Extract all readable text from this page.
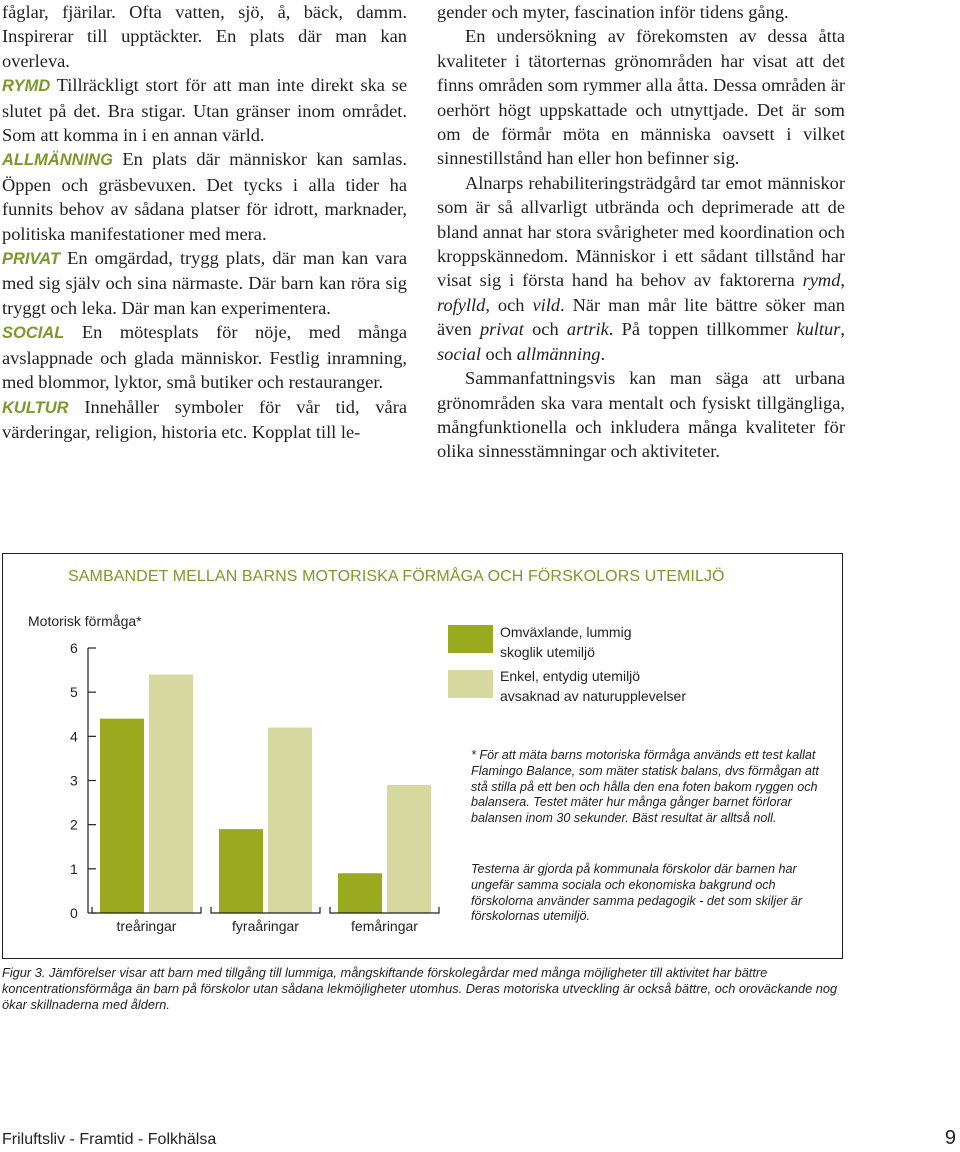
fåglar, fjärilar. Ofta vatten, sjö, å, bäck, damm. Inspirerar till upptäckter. En plats där man kan overleva.

RYMD Tillräckligt stort för att man inte direkt ska se slutet på det. Bra stigar. Utan gränser inom området. Som att komma in i en annan värld.

ALLMÄNNING En plats där människor kan samlas. Öppen och gräsbevuxen. Det tycks i alla tider ha funnits behov av sådana platser för idrott, marknader, politiska manifestationer med mera.

PRIVAT En omgärdad, trygg plats, där man kan vara med sig själv och sina närmaste. Där barn kan röra sig tryggt och leka. Där man kan experimentera.

SOCIAL En mötesplats för nöje, med många avslappnade och glada människor. Festlig inramning, med blommor, lyktor, små butiker och restauranger.

KULTUR Innehåller symboler för vår tid, våra värderingar, religion, historia etc. Kopplat till le-

gender och myter, fascination inför tidens gång.

En undersökning av förekomsten av dessa åtta kvaliteter i tätorternas grönområden har visat att det finns områden som rymmer alla åtta. Dessa områden är oerhört högt uppskattade och utnyttjade. Det är som om de förmår möta en människa oavsett i vilket sinnestillstånd han eller hon befinner sig.

Alnarps rehabiliteringsträdgård tar emot människor som är så allvarligt utbrända och deprimerade att de bland annat har stora svårigheter med koordination och kroppskännedom. Människor i ett sådant tillstånd har visat sig i första hand ha behov av faktorerna rymd, rofylld, och vild. När man mår lite bättre söker man även privat och artrik. På toppen tillkommer kultur, social och allmänning.

Sammanfattningsvis kan man säga att urbana grönområden ska vara mentalt och fysiskt tillgängliga, mångfunktionella och inkludera många kvaliteter för olika sinnesstämningar och aktiviteter.

SAMBANDET MELLAN BARNS MOTORISKA FÖRMÅGA OCH FÖRSKOLORS UTEMILJÖ
Motorisk förmåga*
0
1
2
3
4
5
6
treåringar	fyraåringar	femåringar
Omväxlande, lummig
skoglik utemiljö
Enkel, entydig utemiljö
avsaknad av naturupplevelser
* För att mäta barns motoriska förmåga används ett test kallat Flamingo Balance, som mäter statisk balans, dvs förmågan att stå stilla på ett ben och hålla den ena foten bakom ryggen och balansera. Testet mäter hur många gånger barnet förlorar balansen inom 30 sekunder. Bäst resultat är alltså noll.
Testerna är gjorda på kommunala förskolor där barnen har ungefär samma sociala och ekonomiska bakgrund och förskolorna använder samma pedagogik - det som skiljer är förskolornas utemiljö.
Figur 3. Jämförelser visar att barn med tillgång till lummiga, mångskiftande förskolegårdar med många möjligheter till aktivitet har bättre koncentrationsförmåga än barn på förskolor utan sådana lekmöjligheter utomhus. Deras motoriska utveckling är också bättre, och oroväckande nog ökar skillnaderna med åldern.
Friluftsliv - Framtid - Folkhälsa	9
